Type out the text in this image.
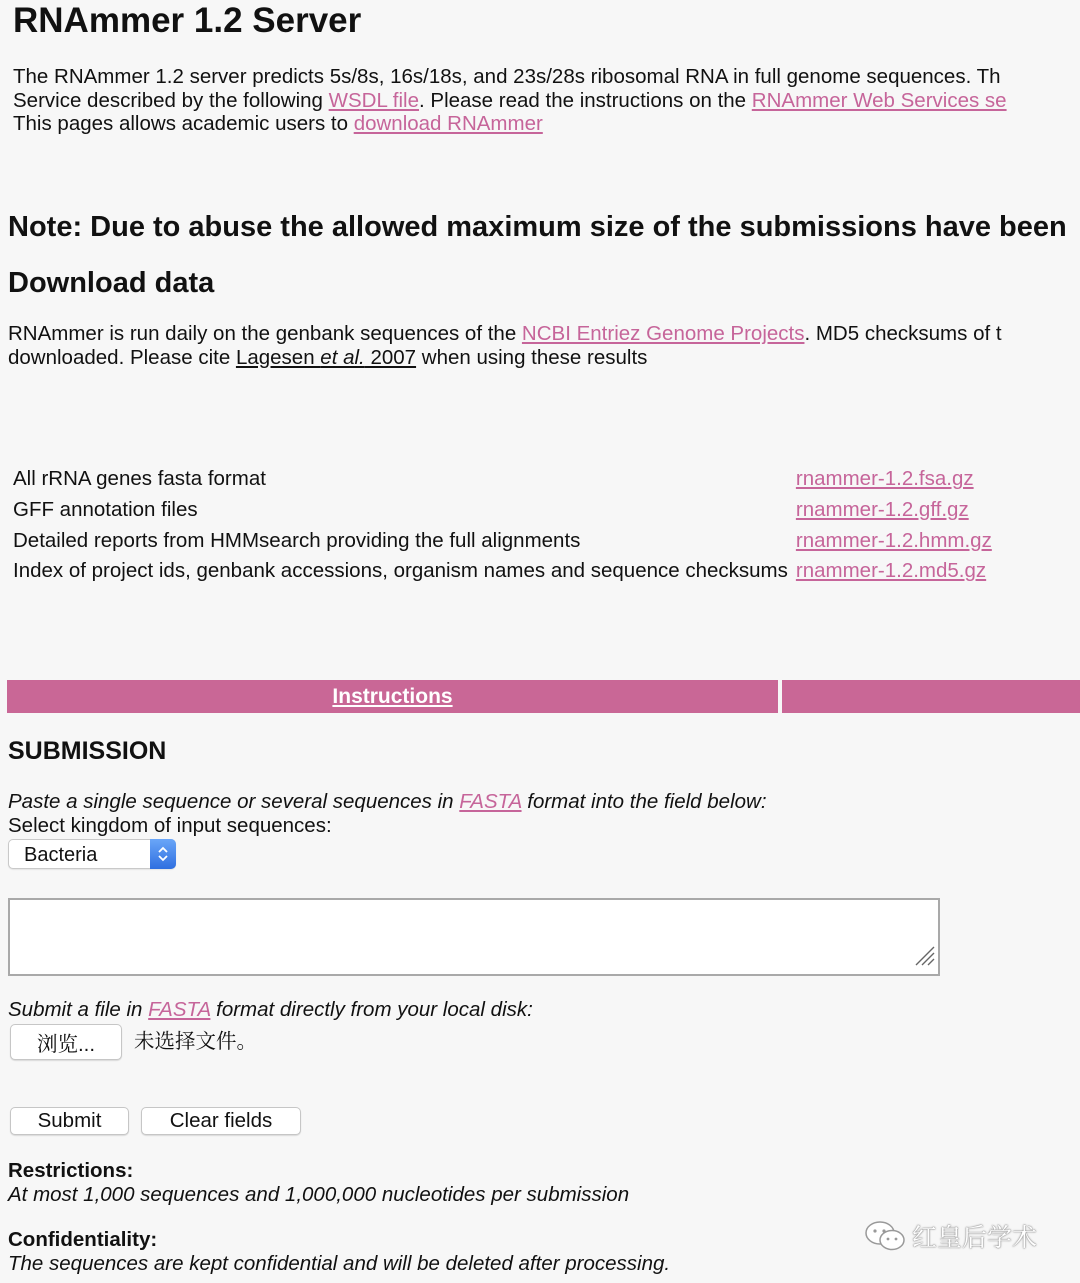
RNAmmer 1.2 Server
The RNAmmer 1.2 server predicts 5s/8s, 16s/18s, and 23s/28s ribosomal RNA in full genome sequences. Th
Service described by the following WSDL file. Please read the instructions on the RNAmmer Web Services se
This pages allows academic users to download RNAmmer
Note: Due to abuse the allowed maximum size of the submissions have been
Download data
RNAmmer is run daily on the genbank sequences of the NCBI Entriez Genome Projects. MD5 checksums of t
downloaded. Please cite Lagesen et al. 2007 when using these results
All rRNA genes fasta format	rnammer-1.2.fsa.gz
GFF annotation files	rnammer-1.2.gff.gz
Detailed reports from HMMsearch providing the full alignments	rnammer-1.2.hmm.gz
Index of project ids, genbank accessions, organism names and sequence checksums	rnammer-1.2.md5.gz
Instructions
SUBMISSION
Paste a single sequence or several sequences in FASTA format into the field below:
Select kingdom of input sequences:
Bacteria
Submit a file in FASTA format directly from your local disk:
浏览...	未选择文件。
Submit	Clear fields
Restrictions:
At most 1,000 sequences and 1,000,000 nucleotides per submission
Confidentiality:
The sequences are kept confidential and will be deleted after processing.
红皇后学术
